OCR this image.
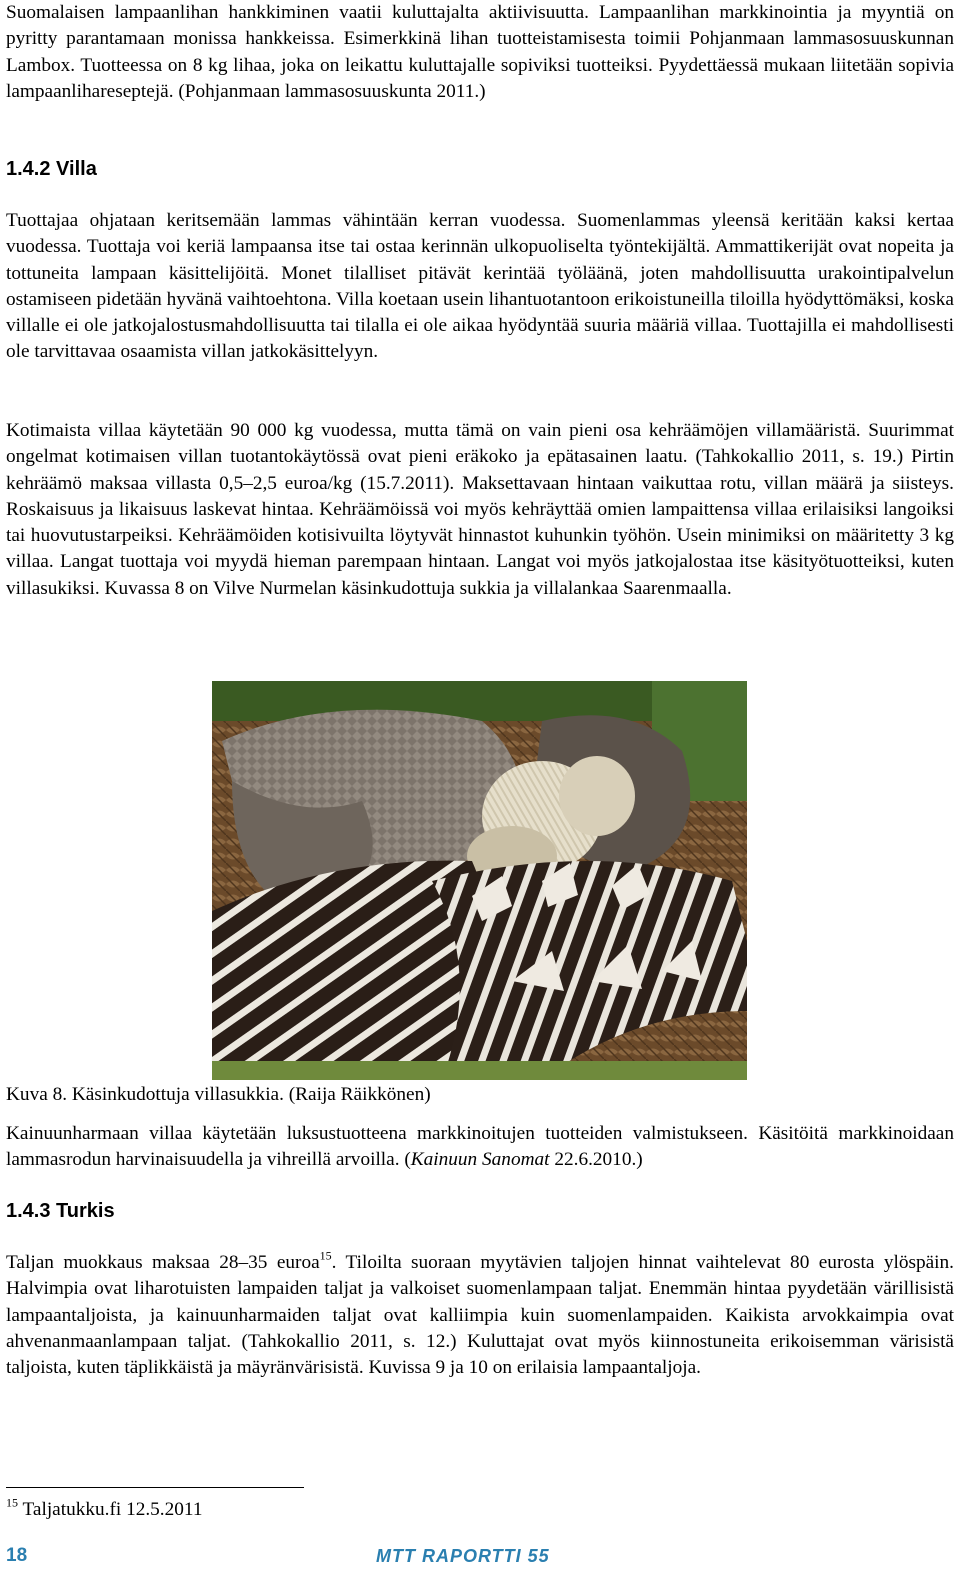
Suomalaisen lampaanlihan hankkiminen vaatii kuluttajalta aktiivisuutta. Lampaanlihan markkinointia ja myyntiä on pyritty parantamaan monissa hankkeissa. Esimerkkinä lihan tuotteistamisesta toimii Pohjanmaan lammasosuuskunnan Lambox. Tuotteessa on 8 kg lihaa, joka on leikattu kuluttajalle sopiviksi tuotteiksi. Pyydettäessä mukaan liitetään sopivia lampaanlihareseptejä. (Pohjanmaan lammasosuuskunta 2011.)

1.4.2 Villa

Tuottajaa ohjataan keritsemään lammas vähintään kerran vuodessa. Suomenlammas yleensä keritään kaksi kertaa vuodessa. Tuottaja voi keriä lampaansa itse tai ostaa kerinnän ulkopuoliselta työntekijältä. Ammattikerijät ovat nopeita ja tottuneita lampaan käsittelijöitä. Monet tilalliset pitävät kerintää työläänä, joten mahdollisuutta urakointipalvelun ostamiseen pidetään hyvänä vaihtoehtona. Villa koetaan usein lihantuotantoon erikoistuneilla tiloilla hyödyttömäksi, koska villalle ei ole jatkojalostusmahdollisuutta tai tilalla ei ole aikaa hyödyntää suuria määriä villaa. Tuottajilla ei mahdollisesti ole tarvittavaa osaamista villan jatkokäsittelyyn.

Kotimaista villaa käytetään 90 000 kg vuodessa, mutta tämä on vain pieni osa kehräämöjen villamääristä. Suurimmat ongelmat kotimaisen villan tuotantokäytössä ovat pieni eräkoko ja epätasainen laatu. (Tahkokallio 2011, s. 19.) Pirtin kehräämö maksaa villasta 0,5–2,5 euroa/kg (15.7.2011). Maksettavaan hintaan vaikuttaa rotu, villan määrä ja siisteys. Roskaisuus ja likaisuus laskevat hintaa. Kehräämöissä voi myös kehräyttää omien lampaittensa villaa erilaisiksi langoiksi tai huovutustarpeiksi. Kehräämöiden kotisivuilta löytyvät hinnastot kuhunkin työhön. Usein minimiksi on määritetty 3 kg villaa. Langat tuottaja voi myydä hieman parempaan hintaan. Langat voi myös jatkojalostaa itse käsityötuotteiksi, kuten villasukiksi. Kuvassa 8 on Vilve Nurmelan käsinkudottuja sukkia ja villalankaa Saarenmaalla.

Kuva 8. Käsinkudottuja villasukkia. (Raija Räikkönen)

Kainuunharmaan villaa käytetään luksustuotteena markkinoitujen tuotteiden valmistukseen. Käsitöitä markkinoidaan lammasrodun harvinaisuudella ja vihreillä arvoilla. (Kainuun Sanomat 22.6.2010.)

1.4.3 Turkis

Taljan muokkaus maksaa 28–35 euroa$^{15}$. Tiloilta suoraan myytävien taljojen hinnat vaihtelevat 80 eurosta ylöspäin. Halvimpia ovat liharotuisten lampaiden taljat ja valkoiset suomenlampaan taljat. Enemmän hintaa pyydetään värillisistä lampaantaljoista, ja kainuunharmaiden taljat ovat kalliimpia kuin suomenlampaiden. Kaikista arvokkaimpia ovat ahvenanmaanlampaan taljat. (Tahkokallio 2011, s. 12.) Kuluttajat ovat myös kiinnostuneita erikoisemman värisistä taljoista, kuten täplikkäistä ja mäyränvärisistä. Kuvissa 9 ja 10 on erilaisia lampaantaljoja.

$^{15}$ Taljatukku.fi 12.5.2011

18	MTT RAPORTTI 55
